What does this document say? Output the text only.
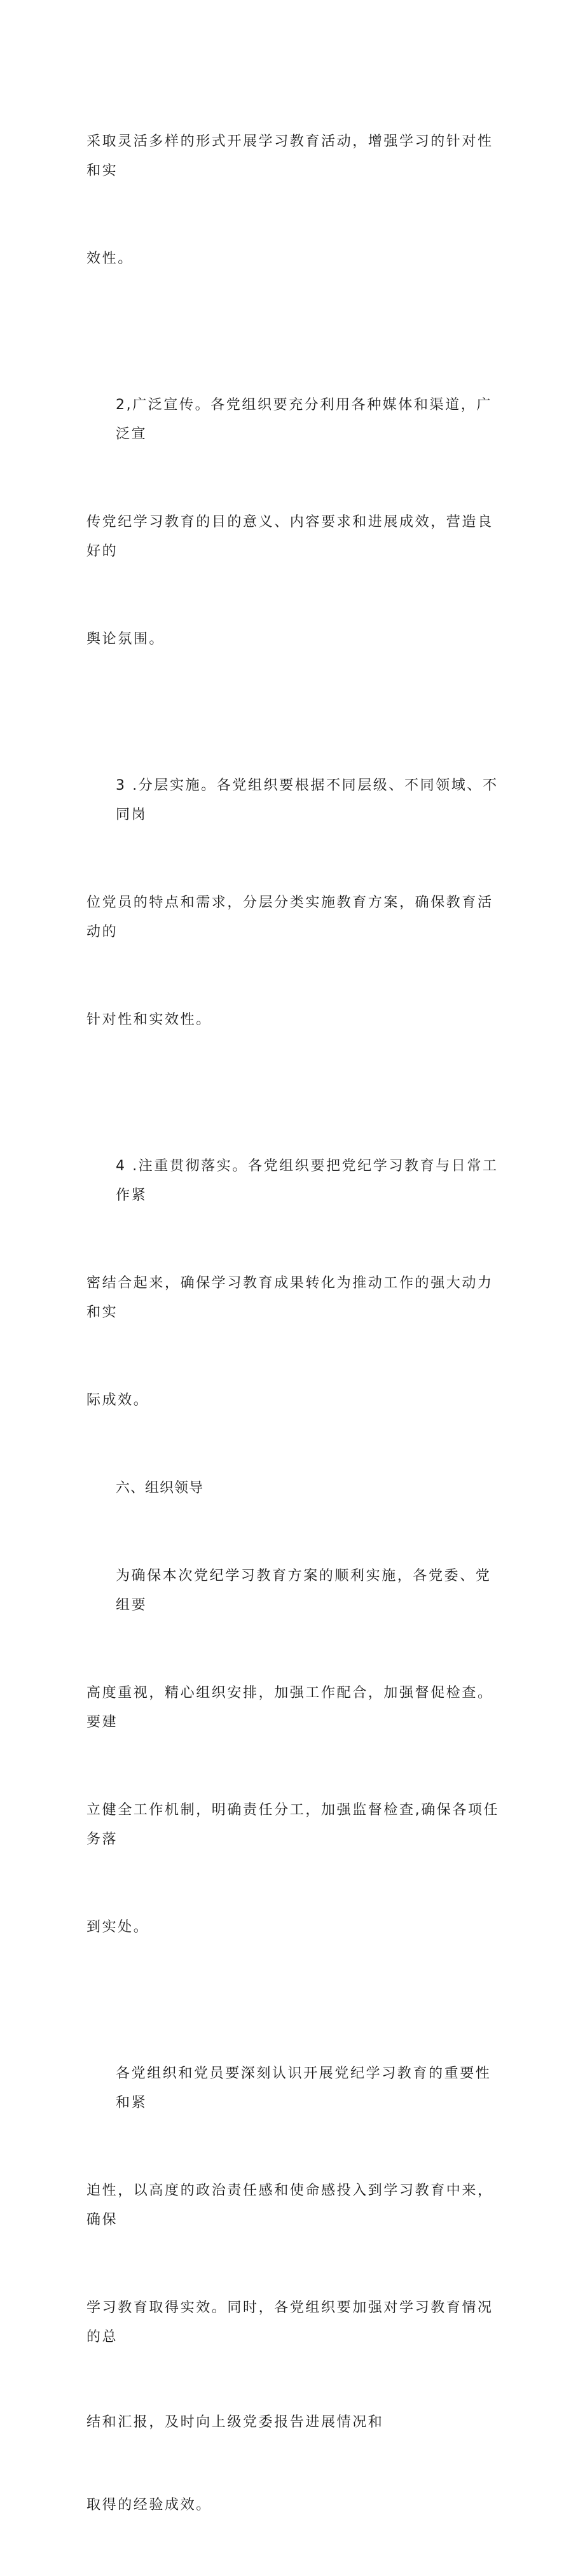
采取灵活多样的形式开展学习教育活动，增强学习的针对性和实

效性。

2,广泛宣传。各党组织要充分利用各种媒体和渠道，广泛宣

传党纪学习教育的目的意义、内容要求和进展成效，营造良好的

舆论氛围。

3 .分层实施。各党组织要根据不同层级、不同领域、不同岗

位党员的特点和需求，分层分类实施教育方案，确保教育活动的

针对性和实效性。

4 .注重贯彻落实。各党组织要把党纪学习教育与日常工作紧

密结合起来，确保学习教育成果转化为推动工作的强大动力和实

际成效。

六、组织领导

为确保本次党纪学习教育方案的顺利实施，各党委、党组要

高度重视，精心组织安排，加强工作配合，加强督促检查。要建

立健全工作机制，明确责任分工，加强监督检查,确保各项任务落

到实处。

各党组织和党员要深刻认识开展党纪学习教育的重要性和紧

迫性，以高度的政治责任感和使命感投入到学习教育中来，确保

学习教育取得实效。同时，各党组织要加强对学习教育情况的总

结和汇报，及时向上级党委报告进展情况和

取得的经验成效。
